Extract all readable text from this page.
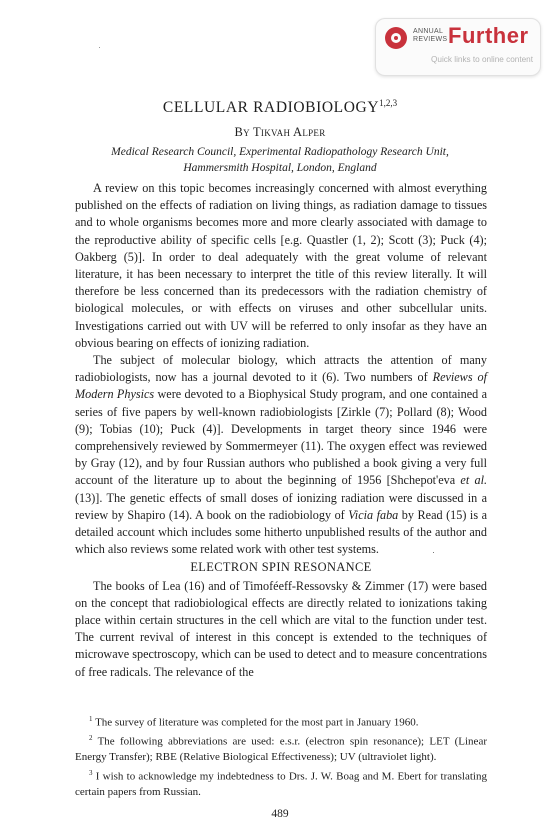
ANNUAL
REVIEWS Further
Quick links to online content
CELLULAR RADIOBIOLOGY$^{1,2,3}$
By Tikvah Alper
Medical Research Council, Experimental Radiopathology Research Unit,
Hammersmith Hospital, London, England

A review on this topic becomes increasingly concerned with almost everything published on the effects of radiation on living things, as radiation damage to tissues and to whole organisms becomes more and more clearly associated with damage to the reproductive ability of specific cells [e.g. Quastler (1, 2); Scott (3); Puck (4); Oakberg (5)]. In order to deal adequately with the great volume of relevant literature, it has been necessary to interpret the title of this review literally. It will therefore be less concerned than its predecessors with the radiation chemistry of biological molecules, or with effects on viruses and other subcellular units. Investigations carried out with UV will be referred to only insofar as they have an obvious bearing on effects of ionizing radiation.

The subject of molecular biology, which attracts the attention of many radiobiologists, now has a journal devoted to it (6). Two numbers of Reviews of Modern Physics were devoted to a Biophysical Study program, and one contained a series of five papers by well-known radiobiologists [Zirkle (7); Pollard (8); Wood (9); Tobias (10); Puck (4)]. Developments in target theory since 1946 were comprehensively reviewed by Sommermeyer (11). The oxygen effect was reviewed by Gray (12), and by four Russian authors who published a book giving a very full account of the literature up to about the beginning of 1956 [Shchepot'eva et al. (13)]. The genetic effects of small doses of ionizing radiation were discussed in a review by Shapiro (14). A book on the radiobiology of Vicia faba by Read (15) is a detailed account which includes some hitherto unpublished results of the author and which also reviews some related work with other test systems.

ELECTRON SPIN RESONANCE

The books of Lea (16) and of Timoféeff-Ressovsky & Zimmer (17) were based on the concept that radiobiological effects are directly related to ionizations taking place within certain structures in the cell which are vital to the function under test. The current revival of interest in this concept is extended to the techniques of microwave spectroscopy, which can be used to detect and to measure concentrations of free radicals. The relevance of the

$^1$ The survey of literature was completed for the most part in January 1960.

$^2$ The following abbreviations are used: e.s.r. (electron spin resonance); LET (Linear Energy Transfer); RBE (Relative Biological Effectiveness); UV (ultraviolet light).

$^3$ I wish to acknowledge my indebtedness to Drs. J. W. Boag and M. Ebert for translating certain papers from Russian.

489
